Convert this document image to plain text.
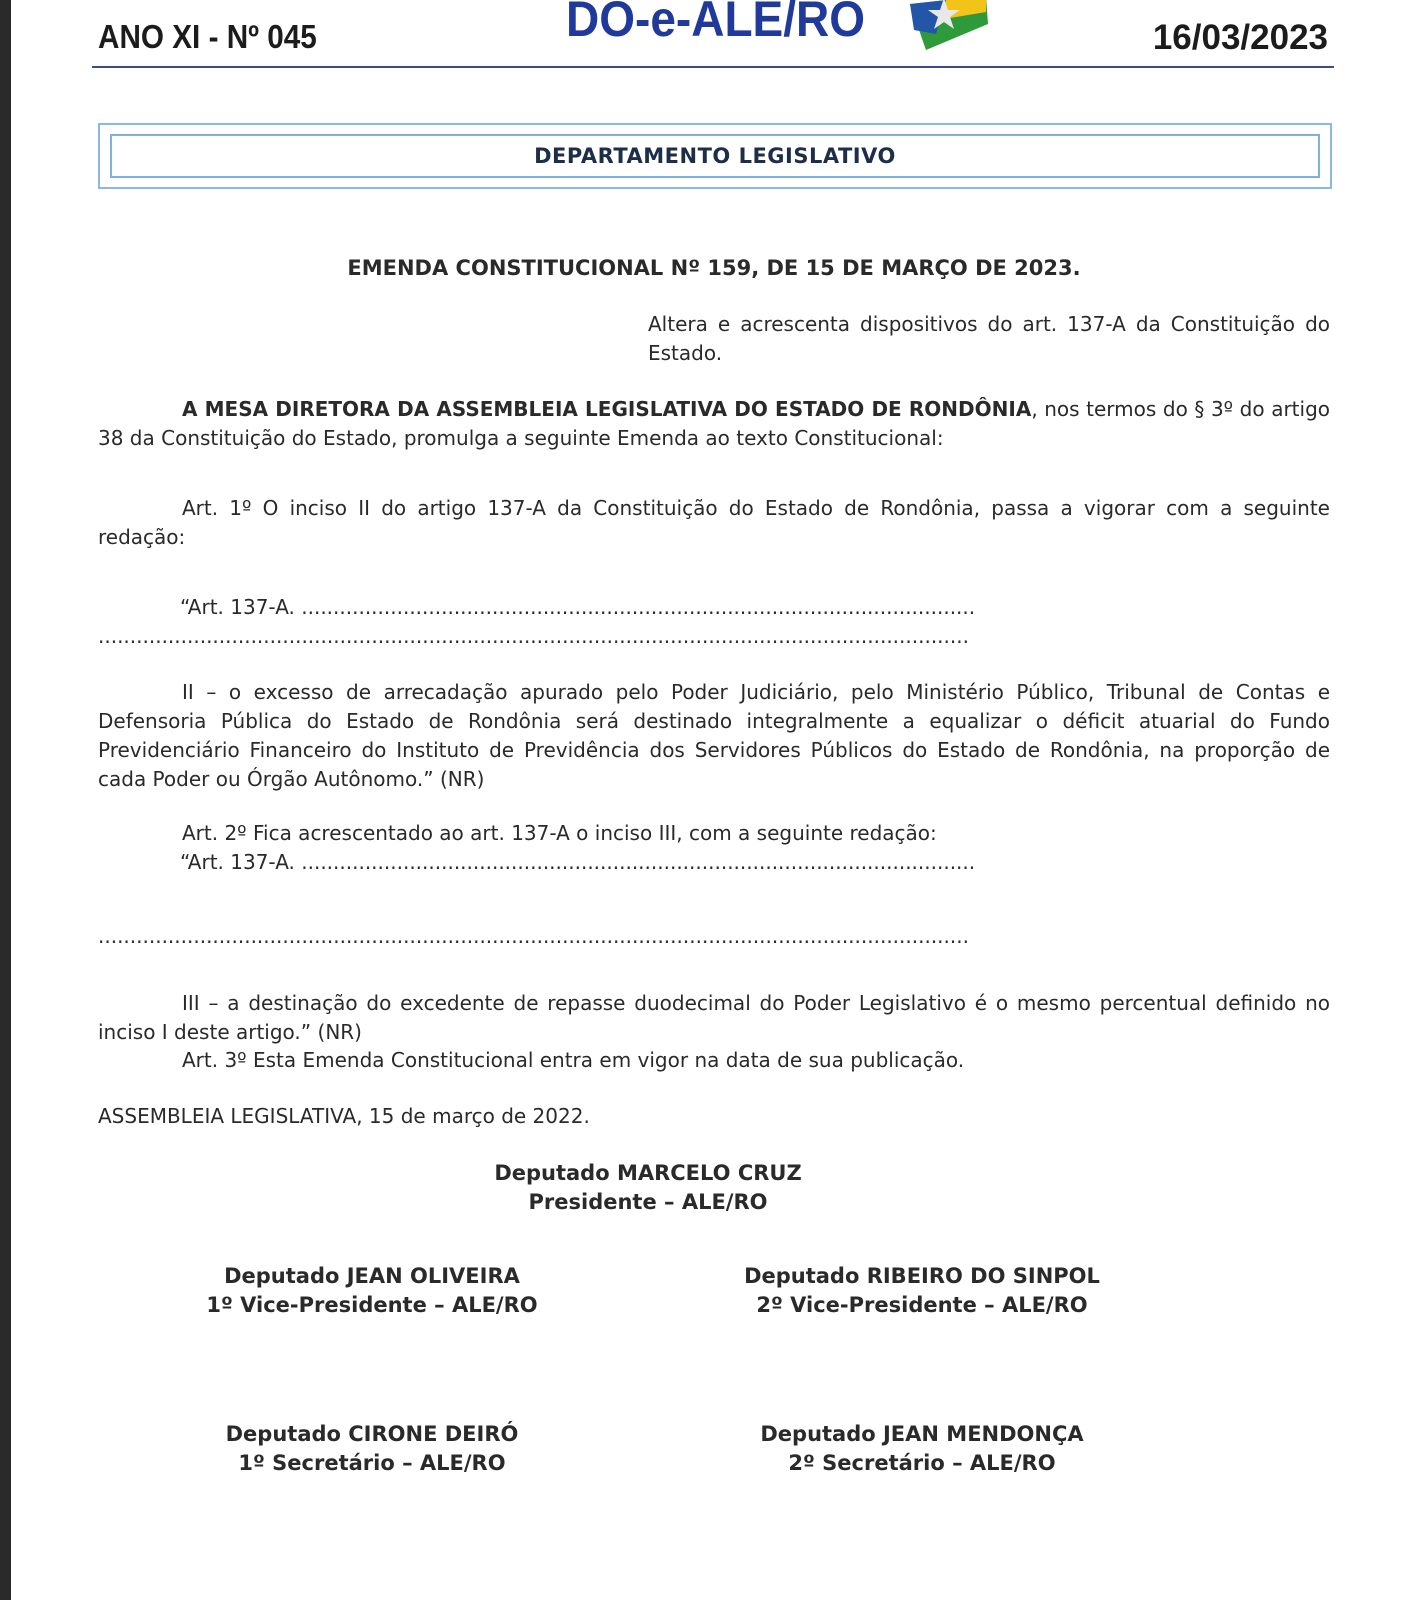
ANO XI - Nº 045	DO-e-ALE/RO	16/03/2023
DEPARTAMENTO LEGISLATIVO
EMENDA CONSTITUCIONAL Nº 159, DE 15 DE MARÇO DE 2023.
Altera e acrescenta dispositivos do art. 137-A da Constituição do Estado.
A MESA DIRETORA DA ASSEMBLEIA LEGISLATIVA DO ESTADO DE RONDÔNIA, nos termos do § 3º do artigo 38 da Constituição do Estado, promulga a seguinte Emenda ao texto Constitucional:
Art. 1º O inciso II do artigo 137-A da Constituição do Estado de Rondônia, passa a vigorar com a seguinte redação:
“Art. 137-A. ..........................................................................................................
.........................................................................................................................................
II – o excesso de arrecadação apurado pelo Poder Judiciário, pelo Ministério Público, Tribunal de Contas e Defensoria Pública do Estado de Rondônia será destinado integralmente a equalizar o déficit atuarial do Fundo Previdenciário Financeiro do Instituto de Previdência dos Servidores Públicos do Estado de Rondônia, na proporção de cada Poder ou Órgão Autônomo.” (NR)
Art. 2º Fica acrescentado ao art. 137-A o inciso III, com a seguinte redação:
“Art. 137-A. ..........................................................................................................
.........................................................................................................................................
III – a destinação do excedente de repasse duodecimal do Poder Legislativo é o mesmo percentual definido no inciso I deste artigo.” (NR)
Art. 3º Esta Emenda Constitucional entra em vigor na data de sua publicação.
ASSEMBLEIA LEGISLATIVA, 15 de março de 2022.
Deputado MARCELO CRUZ
Presidente – ALE/RO
Deputado JEAN OLIVEIRA
1º Vice-Presidente – ALE/RO
Deputado RIBEIRO DO SINPOL
2º Vice-Presidente – ALE/RO
Deputado CIRONE DEIRÓ
1º Secretário – ALE/RO
Deputado JEAN MENDONÇA
2º Secretário – ALE/RO
